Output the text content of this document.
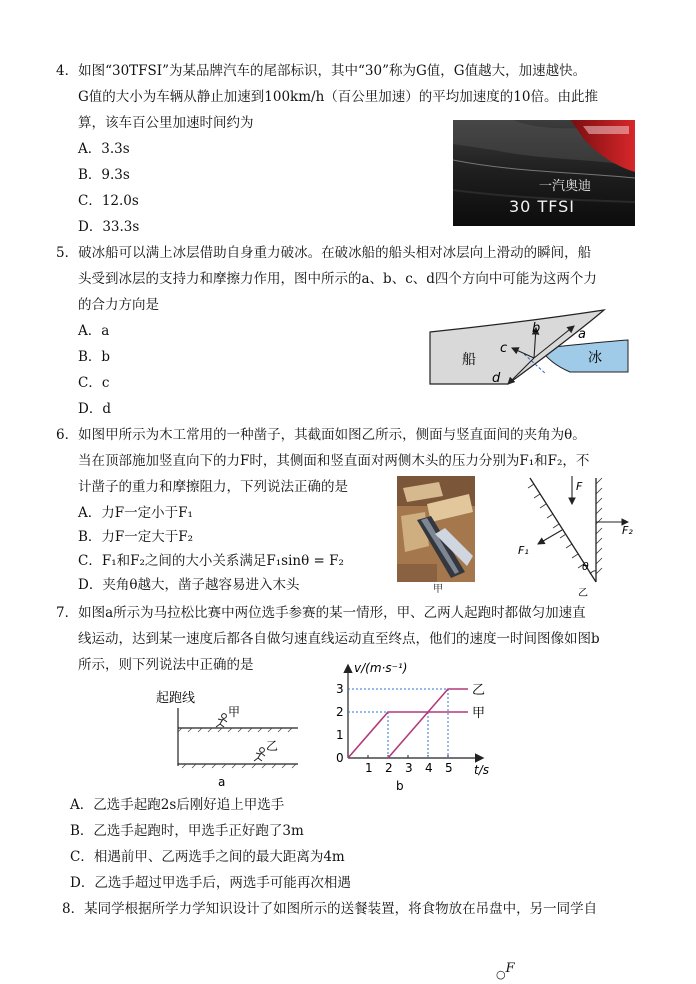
4．如图“30TFSI”为某品牌汽车的尾部标识，其中“30”称为G值，G值越大，加速越快。
G值的大小为车辆从静止加速到100km/h（百公里加速）的平均加速度的10倍。由此推
算，该车百公里加速时间约为
A．3.3s
B．9.3s
C．12.0s
D．33.3s
一汽奥迪
30 TFSI
5．破冰船可以满上冰层借助自身重力破冰。在破冰船的船头相对冰层向上滑动的瞬间，船
头受到冰层的支持力和摩擦力作用，图中所示的a、b、c、d四个方向中可能为这两个力
的合力方向是
A．a
B．b
C．c
D．d
船	冰
a
b
c
d
6．如图甲所示为木工常用的一种凿子，其截面如图乙所示，侧面与竖直面间的夹角为θ。
当在顶部施加竖直向下的力F时，其侧面和竖直面对两侧木头的压力分别为F₁和F₂，不
计凿子的重力和摩擦阻力，下列说法正确的是
A．力F一定小于F₁
B．力F一定大于F₂
C．F₁和F₂之间的大小关系满足F₁sinθ = F₂
D．夹角θ越大，凿子越容易进入木头	甲
F
F₂
F₁
θ
乙
7．如图a所示为马拉松比赛中两位选手参赛的某一情形，甲、乙两人起跑时都做匀加速直
线运动，达到某一速度后都各自做匀速直线运动直至终点，他们的速度一时间图像如图b
所示，则下列说法中正确的是
起跑线
甲
乙
a
v/(m·s⁻¹)
t/s
b
1 2 3 4 5
0
1
2
3
甲
乙
A．乙选手起跑2s后刚好追上甲选手
B．乙选手起跑时，甲选手正好跑了3m
C．相遇前甲、乙两选手之间的最大距离为4m
D．乙选手超过甲选手后，两选手可能再次相遇
8．某同学根据所学力学知识设计了如图所示的送餐装置，将食物放在吊盘中，另一同学自
○F
